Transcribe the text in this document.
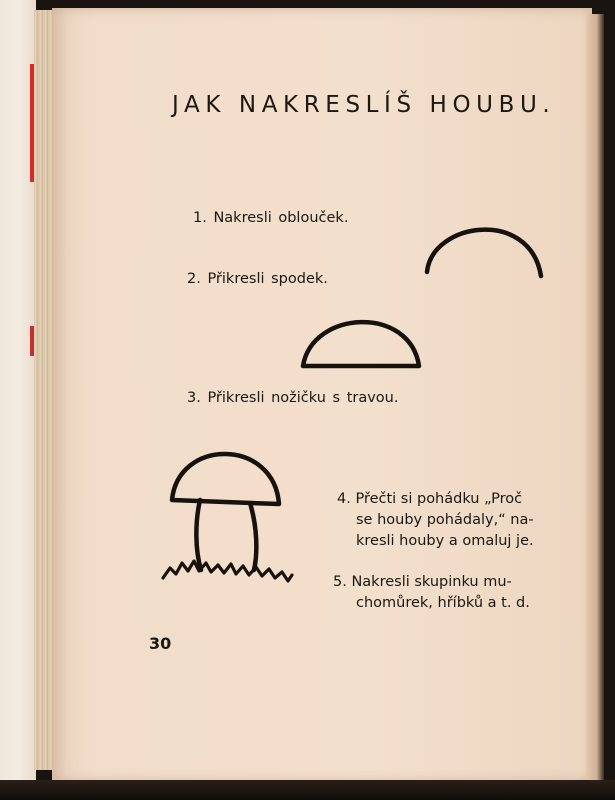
JAK NAKRESLÍŠ HOUBU.
1. Nakresli oblouček.
2. Přikresli spodek.
3. Přikresli nožičku s travou.
4. Přečti si pohádku „Proč
se houby pohádaly,“ na-
kresli houby a omaluj je.
5. Nakresli skupinku mu-
chomůrek, hříbků a t. d.
30
